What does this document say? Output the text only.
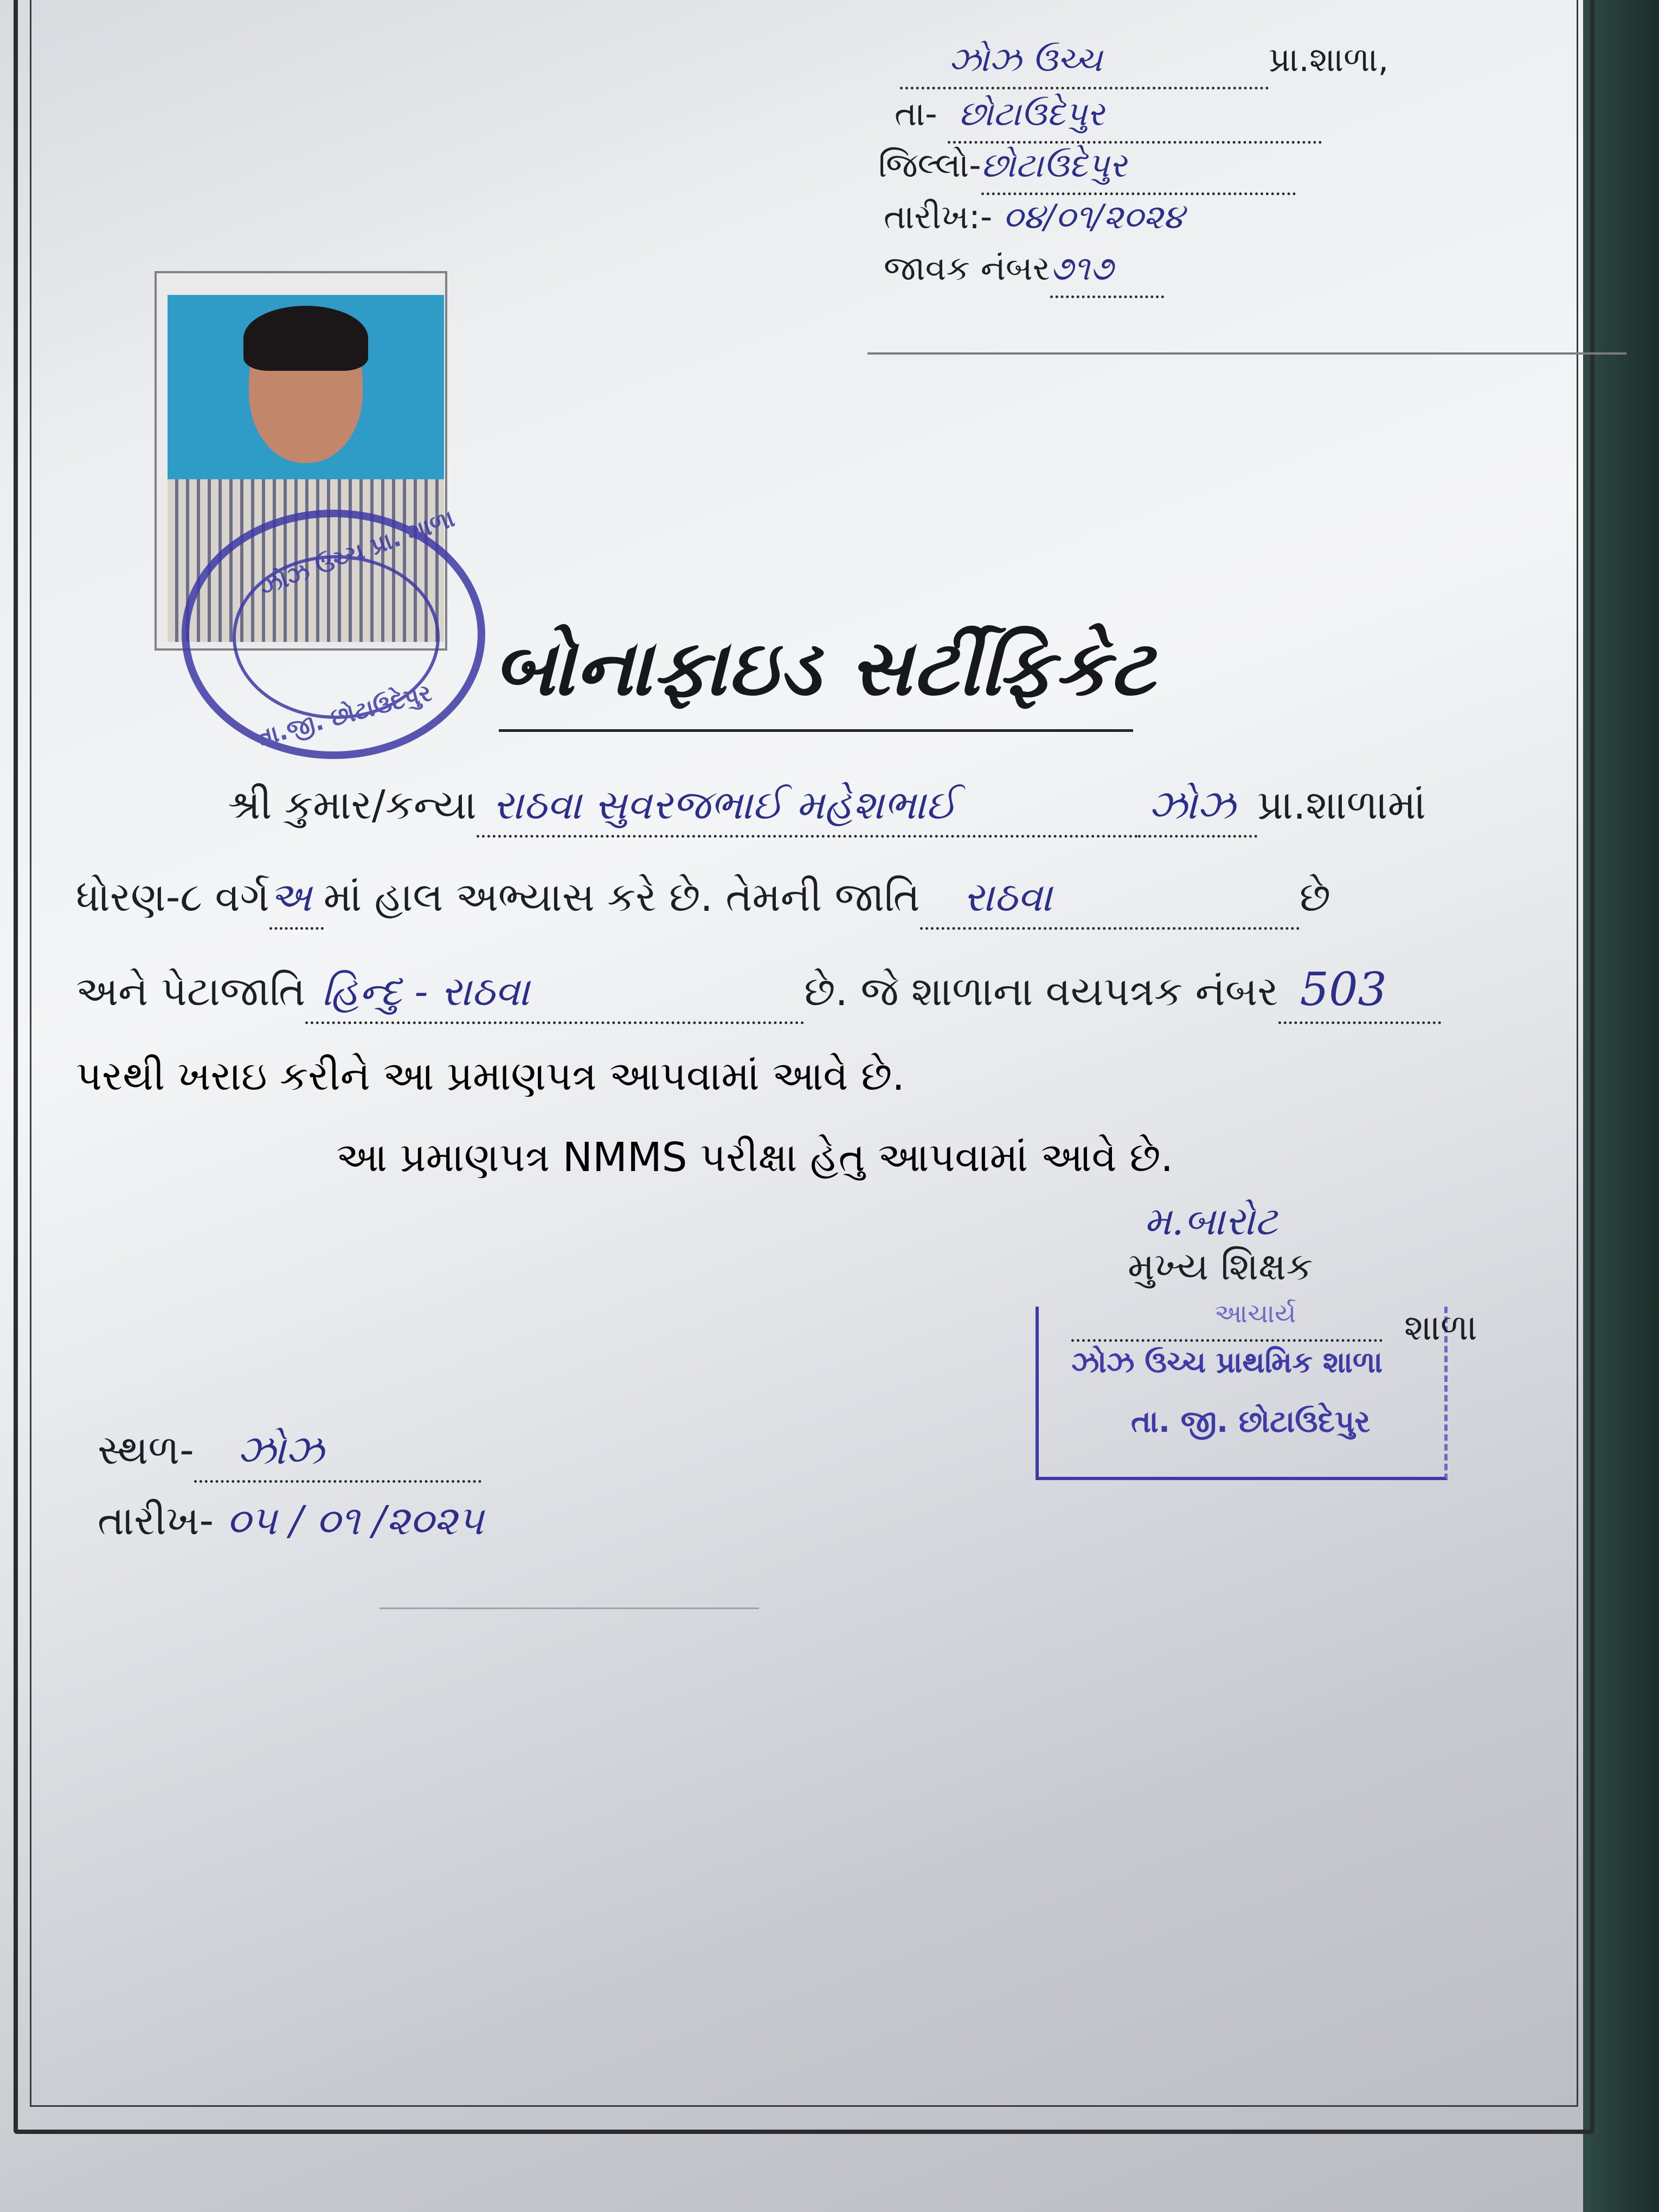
ઝોઝ ઉચ્ચ	પ્રા.શાળા,
તા- છોટાઉદેપુર
જિલ્લો-છોટાઉદેપુર
તારીખ:- ૦૪/૦૧/૨૦૨૪
જાવક નંબર૭૧૭
ઝોઝ ઉચ્ચ પ્રા. શાળા
તા.જી. છોટાઉદેપુર
બોનાફાઇડ સર્ટીફિકેટ
શ્રી કુમાર/કન્યા રાઠવા સુવરજભાઈ મહેશભાઈ	ઝોઝ પ્રા.શાળામાં
ધોરણ-૮ વર્ગઅ માં હાલ અભ્યાસ કરે છે. તેમની જાતિ રાઠવા	છે
અને પેટાજાતિ હિન્દુ - રાઠવા	છે. જે શાળાના વયપત્રક નંબર 503
પરથી ખરાઇ કરીને આ પ્રમાણપત્ર આપવામાં આવે છે.
આ પ્રમાણપત્ર NMMS પરીક્ષા હેતુ આપવામાં આવે છે.
મ.બારોટ
મુખ્ય શિક્ષક
આચાર્ય
ઝોઝ ઉચ્ચ પ્રાથમિક શાળા
તા. જી. છોટાઉદેપુર
શાળા
સ્થળ- ઝોઝ
તારીખ- ૦૫ / ૦૧ /૨૦૨૫
